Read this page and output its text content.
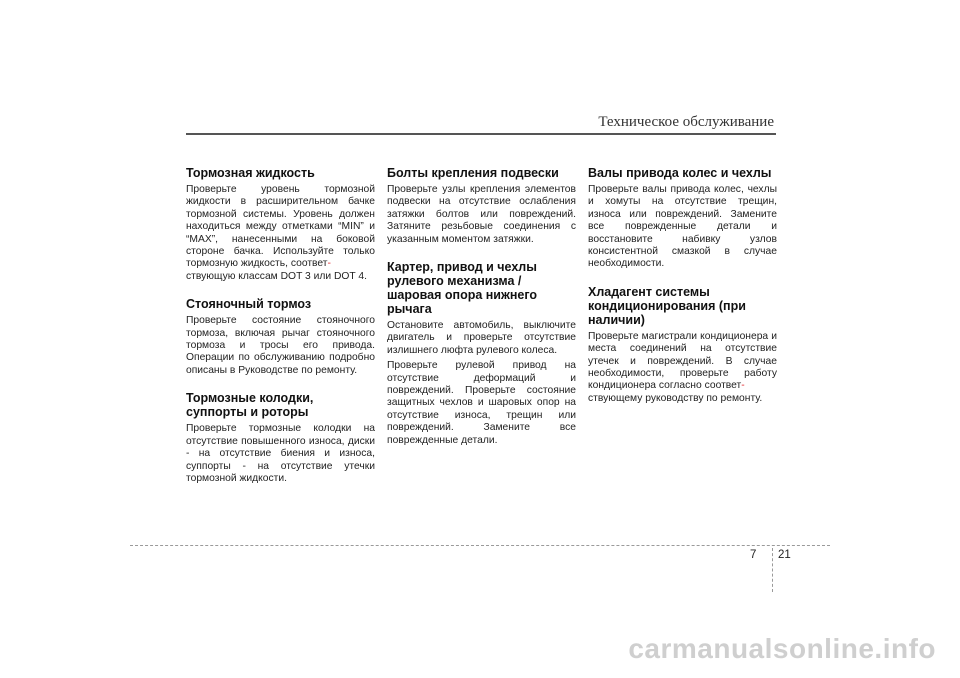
Техническое обслуживание
Тормозная жидкость

Проверьте уровень тормозной жидкости в расширительном бачке тормозной системы. Уровень должен находиться между отметками “MIN” и “MAX”, нанесенными на боковой стороне бачка. Используйте только тормозную жидкость, соответ-
ствующую классам DOT 3 или DOT 4.

Стояночный тормоз

Проверьте состояние стояночного тормоза, включая рычаг стояночного тормоза и тросы его привода. Операции по обслуживанию подробно описаны в Руководстве по ремонту.

Тормозные колодки, суппорты и роторы

Проверьте тормозные колодки на отсутствие повышенного износа, диски - на отсутствие биения и износа, суппорты - на отсутствие утечки тормозной жидкости.

Болты крепления подвески

Проверьте узлы крепления элементов подвески на отсутствие ослабления затяжки болтов или повреждений. Затяните резьбовые соединения с указанным моментом затяжки.

Картер, привод и чехлы рулевого механизма / шаровая опора нижнего рычага

Остановите автомобиль, выключите двигатель и проверьте отсутствие излишнего люфта рулевого колеса.

Проверьте рулевой привод на отсутствие деформаций и повреждений. Проверьте состояние защитных чехлов и шаровых опор на отсутствие износа, трещин или повреждений. Замените все поврежденные детали.

Валы привода колес и чехлы

Проверьте валы привода колес, чехлы и хомуты на отсутствие трещин, износа или повреждений. Замените все поврежденные детали и восстановите набивку узлов консистентной смазкой в случае необходимости.

Хладагент системы кондиционирования (при наличии)

Проверьте магистрали кондиционера и места соединений на отсутствие утечек и повреждений. В случае необходимости, проверьте работу кондиционера согласно соответ-
ствующему руководству по ремонту.

7 21
carmanualsonline.info
